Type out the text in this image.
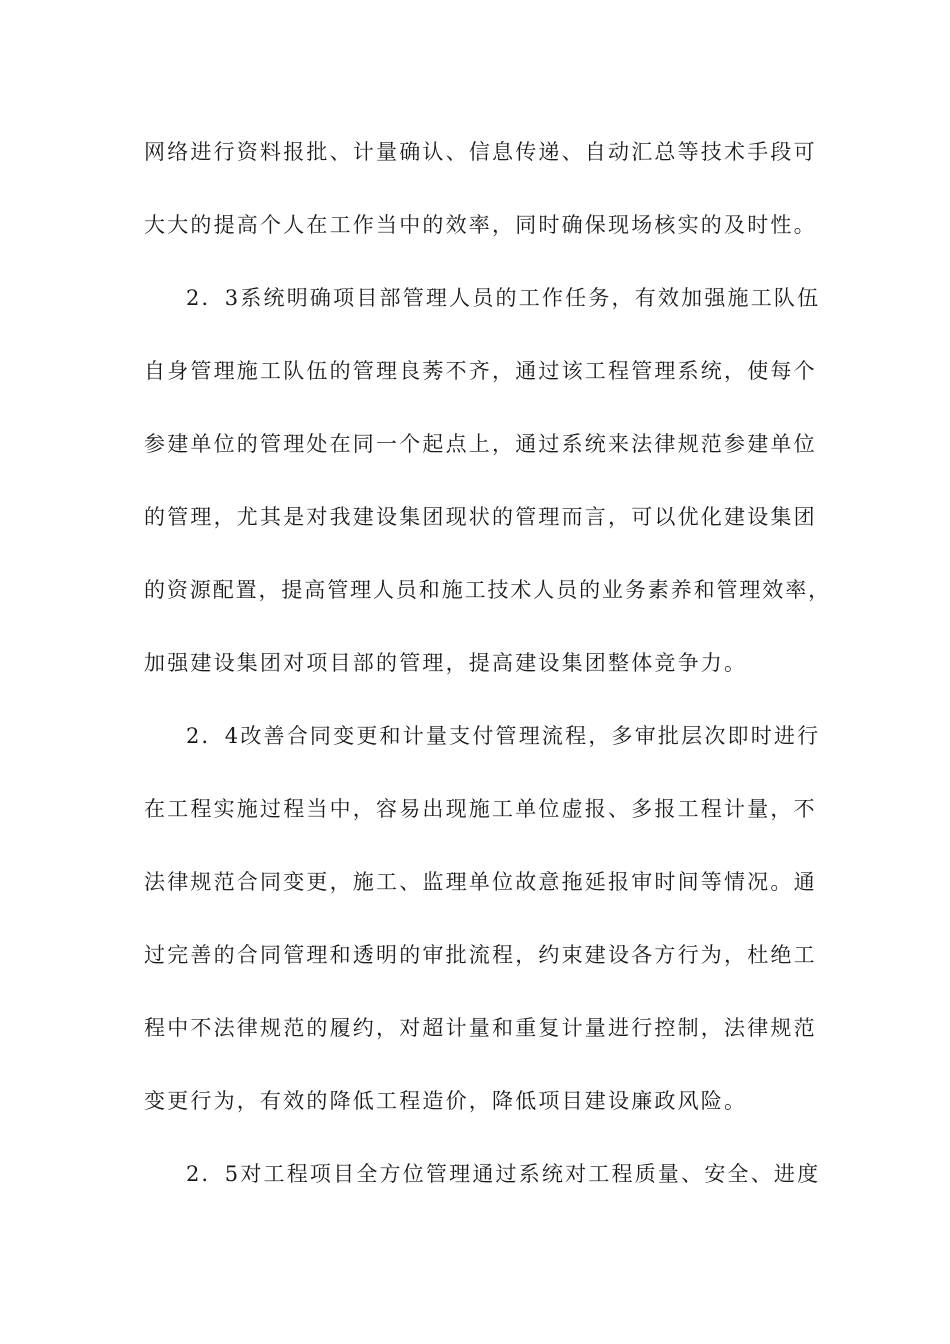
网络进行资料报批、计量确认、信息传递、自动汇总等技术手段可
大大的提高个人在工作当中的效率，同时确保现场核实的及时性。
2．3系统明确项目部管理人员的工作任务，有效加强施工队伍
自身管理施工队伍的管理良莠不齐，通过该工程管理系统，使每个
参建单位的管理处在同一个起点上，通过系统来法律规范参建单位
的管理，尤其是对我建设集团现状的管理而言，可以优化建设集团
的资源配置，提高管理人员和施工技术人员的业务素养和管理效率，
加强建设集团对项目部的管理，提高建设集团整体竞争力。
2．4改善合同变更和计量支付管理流程，多审批层次即时进行
在工程实施过程当中，容易出现施工单位虚报、多报工程计量，不
法律规范合同变更，施工、监理单位故意拖延报审时间等情况。通
过完善的合同管理和透明的审批流程，约束建设各方行为，杜绝工
程中不法律规范的履约，对超计量和重复计量进行控制，法律规范
变更行为，有效的降低工程造价，降低项目建设廉政风险。
2．5对工程项目全方位管理通过系统对工程质量、安全、进度
